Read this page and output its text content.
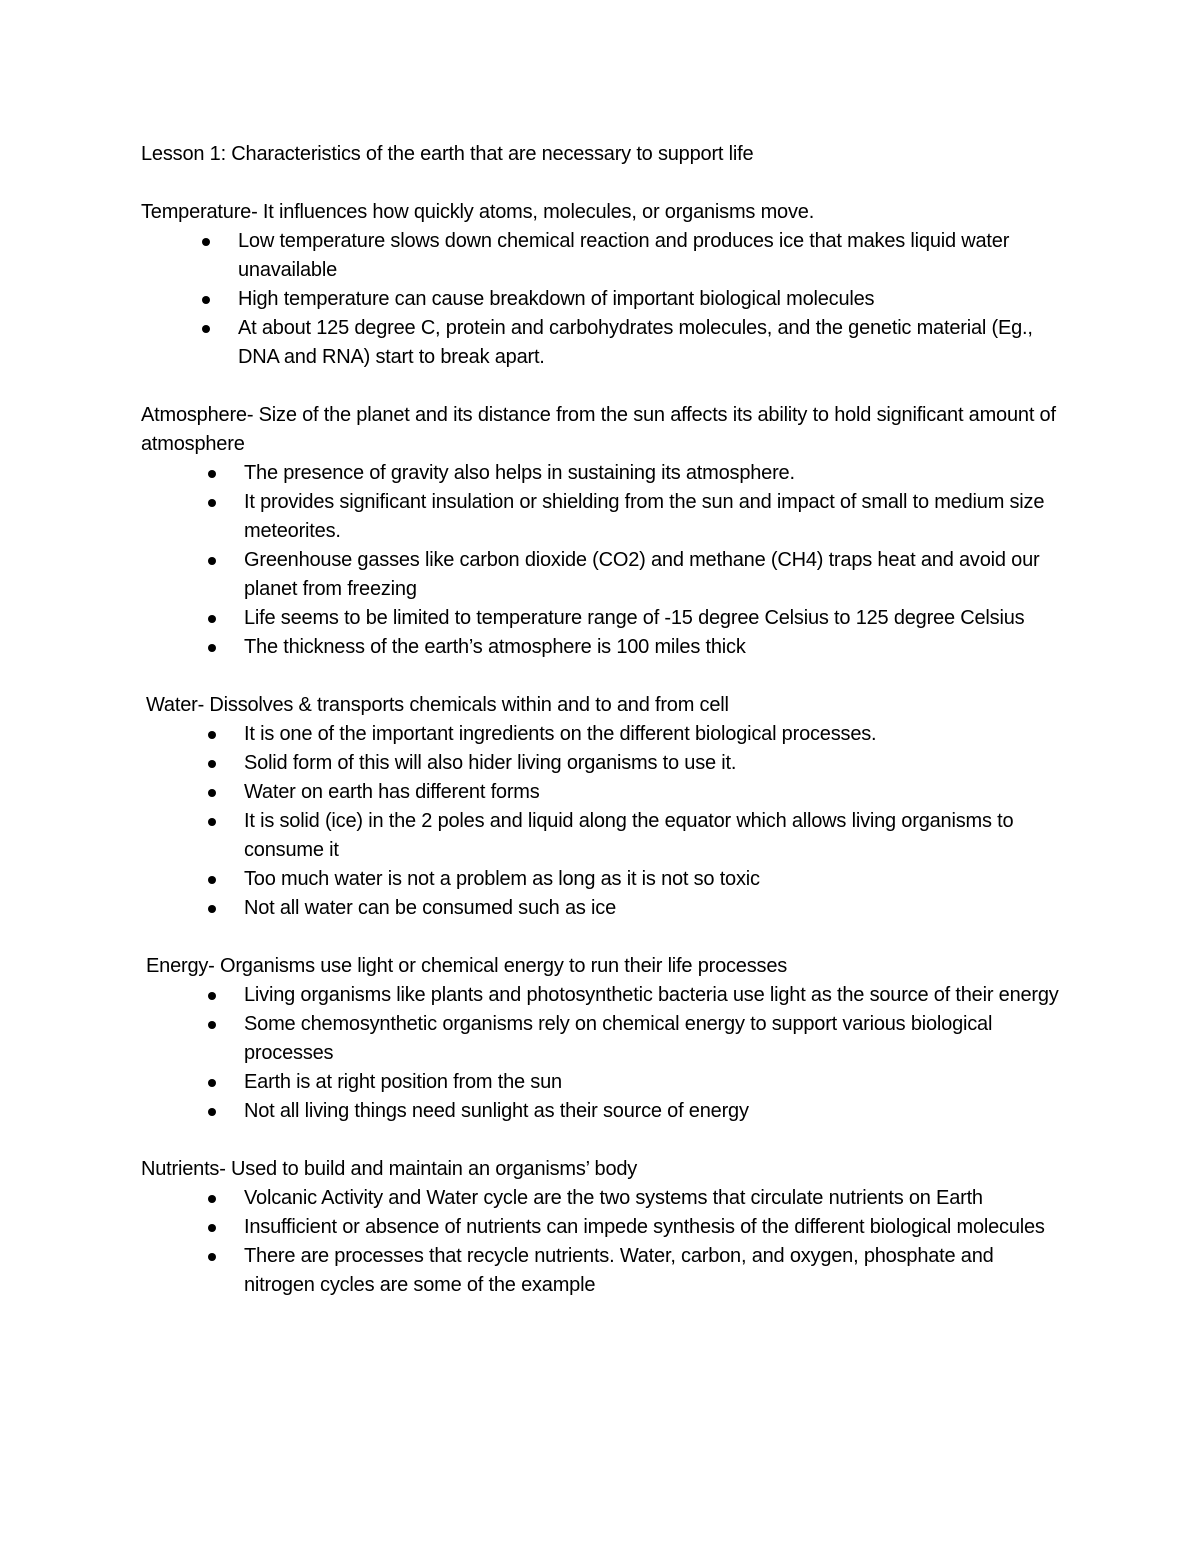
Lesson 1: Characteristics of the earth that are necessary to support life
Temperature- It influences how quickly atoms, molecules, or organisms move.
Low temperature slows down chemical reaction and produces ice that makes liquid water unavailable
High temperature can cause breakdown of important biological molecules
At about 125 degree C, protein and carbohydrates molecules, and the genetic material (Eg., DNA and RNA) start to break apart.
Atmosphere- Size of the planet and its distance from the sun affects its ability to hold significant amount of atmosphere
The presence of gravity also helps in sustaining its atmosphere.
It provides significant insulation or shielding from the sun and impact of small to medium size meteorites.
Greenhouse gasses like carbon dioxide (CO2) and methane (CH4) traps heat and avoid our planet from freezing
Life seems to be limited to temperature range of -15 degree Celsius to 125 degree Celsius
The thickness of the earth’s atmosphere is 100 miles thick
Water- Dissolves & transports chemicals within and to and from cell
It is one of the important ingredients on the different biological processes.
Solid form of this will also hider living organisms to use it.
Water on earth has different forms
It is solid (ice) in the 2 poles and liquid along the equator which allows living organisms to consume it
Too much water is not a problem as long as it is not so toxic
Not all water can be consumed such as ice
Energy- Organisms use light or chemical energy to run their life processes
Living organisms like plants and photosynthetic bacteria use light as the source of their energy
Some chemosynthetic organisms rely on chemical energy to support various biological processes
Earth is at right position from the sun
Not all living things need sunlight as their source of energy
Nutrients- Used to build and maintain an organisms’ body
Volcanic Activity and Water cycle are the two systems that circulate nutrients on Earth
Insufficient or absence of nutrients can impede synthesis of the different biological molecules
There are processes that recycle nutrients. Water, carbon, and oxygen, phosphate and nitrogen cycles are some of the example
